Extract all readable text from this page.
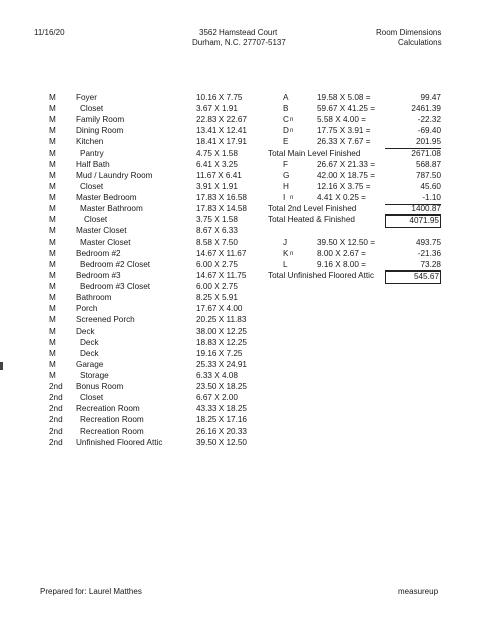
11/16/20	3562 Hamstead Court
Durham, N.C. 27707-5137
Room Dimensions
Calculations
M Foyer	10.16 X 7.75
M	Closet	3.67 X 1.91
M Family Room	22.83 X 22.67
M Dining Room	13.41 X 12.41
M Kitchen	18.41 X 17.91
M	Pantry	4.75 X 1.58
M Half Bath	6.41 X 3.25
M Mud / Laundry Room	11.67 X 6.41
M	Closet	3.91 X 1.91
M Master Bedroom	17.83 X 16.58
M	Master Bathroom	17.83 X 14.58
M	Closet	3.75 X 1.58
M Master Closet	8.67 X 6.33
M	Master Closet	8.58 X 7.50
M Bedroom #2	14.67 X 11.67
M	Bedroom #2 Closet	6.00 X 2.75
M Bedroom #3	14.67 X 11.75
M	Bedroom #3 Closet	6.00 X 2.75
M Bathroom	8.25 X 5.91
M Porch	17.67 X 4.00
M Screened Porch	20.25 X 11.83
M Deck	38.00 X 12.25
M	Deck	18.83 X 12.25
M	Deck	19.16 X 7.25
M Garage	25.33 X 24.91
M	Storage	6.33 X 4.08
2nd Bonus Room	23.50 X 18.25
2nd Closet	6.67 X 2.00
2nd Recreation Room	43.33 X 18.25
2nd Recreation Room	18.25 X 17.16
2nd Recreation Room	26.16 X 20.33
2nd Unfinished Floored Attic	39.50 X 12.50
A	19.58 X 5.08 =	99.47
B	59.67 X 41.25 =	2461.39
C n	5.58 X 4.00 =	-22.32
D n	17.75 X 3.91 =	-69.40
E	26.33 X 7.67 =	201.95
Total Main Level Finished	2671.08
F	26.67 X 21.33 =	568.87
G	42.00 X 18.75 =	787.50
H	12.16 X 3.75 =	45.60
I n	4.41 X 0.25 =	-1.10
Total 2nd Level Finished	1400.87
Total Heated & Finished	4071.95
J	39.50 X 12.50 =	493.75
K n	8.00 X 2.67 =	-21.36
L	9.16 X 8.00 =	73.28
Total Unfinished Floored Attic	545.67
Prepared for: Laurel Matthes	measureup
